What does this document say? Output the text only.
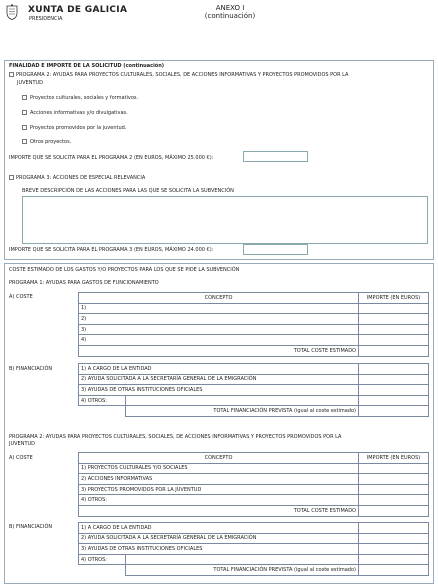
XUNTA DE GALICIA
PRESIDENCIA
ANEXO I
(continuación)
FINALIDAD E IMPORTE DE LA SOLICITUD (continuación)
PROGRAMA 2: AYUDAS PARA PROYECTOS CULTURALES, SOCIALES, DE ACCIONES INFORMATIVAS Y PROYECTOS PROMOVIDOS POR LA
JUVENTUD
Proyectos culturales, sociales y formativos.
Acciones informativas y/o divulgativas.
Proyectos promovidos por la juventud.
Otros proyectos.
IMPORTE QUE SE SOLICITA PARA EL PROGRAMA 2 (EN EUROS, MÁXIMO 25.000 €):
PROGRAMA 3: ACCIONES DE ESPECIAL RELEVANCIA
BREVE DESCRIPCIÓN DE LAS ACCIONES PARA LAS QUE SE SOLICITA LA SUBVENCIÓN
IMPORTE QUE SE SOLICITA PARA EL PROGRAMA 3 (EN EUROS, MÁXIMO 24.000 €):
COSTE ESTIMADO DE LOS GASTOS Y/O PROYECTOS PARA LOS QUE SE PIDE LA SUBVENCIÓN
PROGRAMA 1: AYUDAS PARA GASTOS DE FUNCIONAMIENTO
A) COSTE	CONCEPTO	IMPORTE (EN EUROS)
1)	
2)	
3)	
4)	
TOTAL COSTE ESTIMADO	
B) FINANCIACIÓN	1) A CARGO DE LA ENTIDAD		
2) AYUDA SOLICITADA A LA SECRETARÍA GENERAL DE LA EMIGRACIÓN		
3) AYUDAS DE OTRAS INSTITUCIONES OFICIALES		
4) OTROS:		
	TOTAL FINANCIACIÓN PREVISTA (igual al coste estimado)	
PROGRAMA 2: AYUDAS PARA PROYECTOS CULTURALES, SOCIALES, DE ACCIONES INFORMATIVAS Y PROYECTOS PROMOVIDOS POR LA
JUVENTUD
A) COSTE	CONCEPTO	IMPORTE (EN EUROS)
1) PROYECTOS CULTURALES Y/O SOCIALES	
2) ACCIONES INFORMATIVAS	
3) PROYECTOS PROMOVIDOS POR LA JUVENTUD	
4) OTROS:	
TOTAL COSTE ESTIMADO	
B) FINANCIACIÓN	1) A CARGO DE LA ENTIDAD		
2) AYUDA SOLICITADA A LA SECRETARÍA GENERAL DE LA EMIGRACIÓN		
3) AYUDAS DE OTRAS INSTITUCIONES OFICIALES		
4) OTROS:		
	TOTAL FINANCIACIÓN PREVISTA (igual al coste estimado)	
